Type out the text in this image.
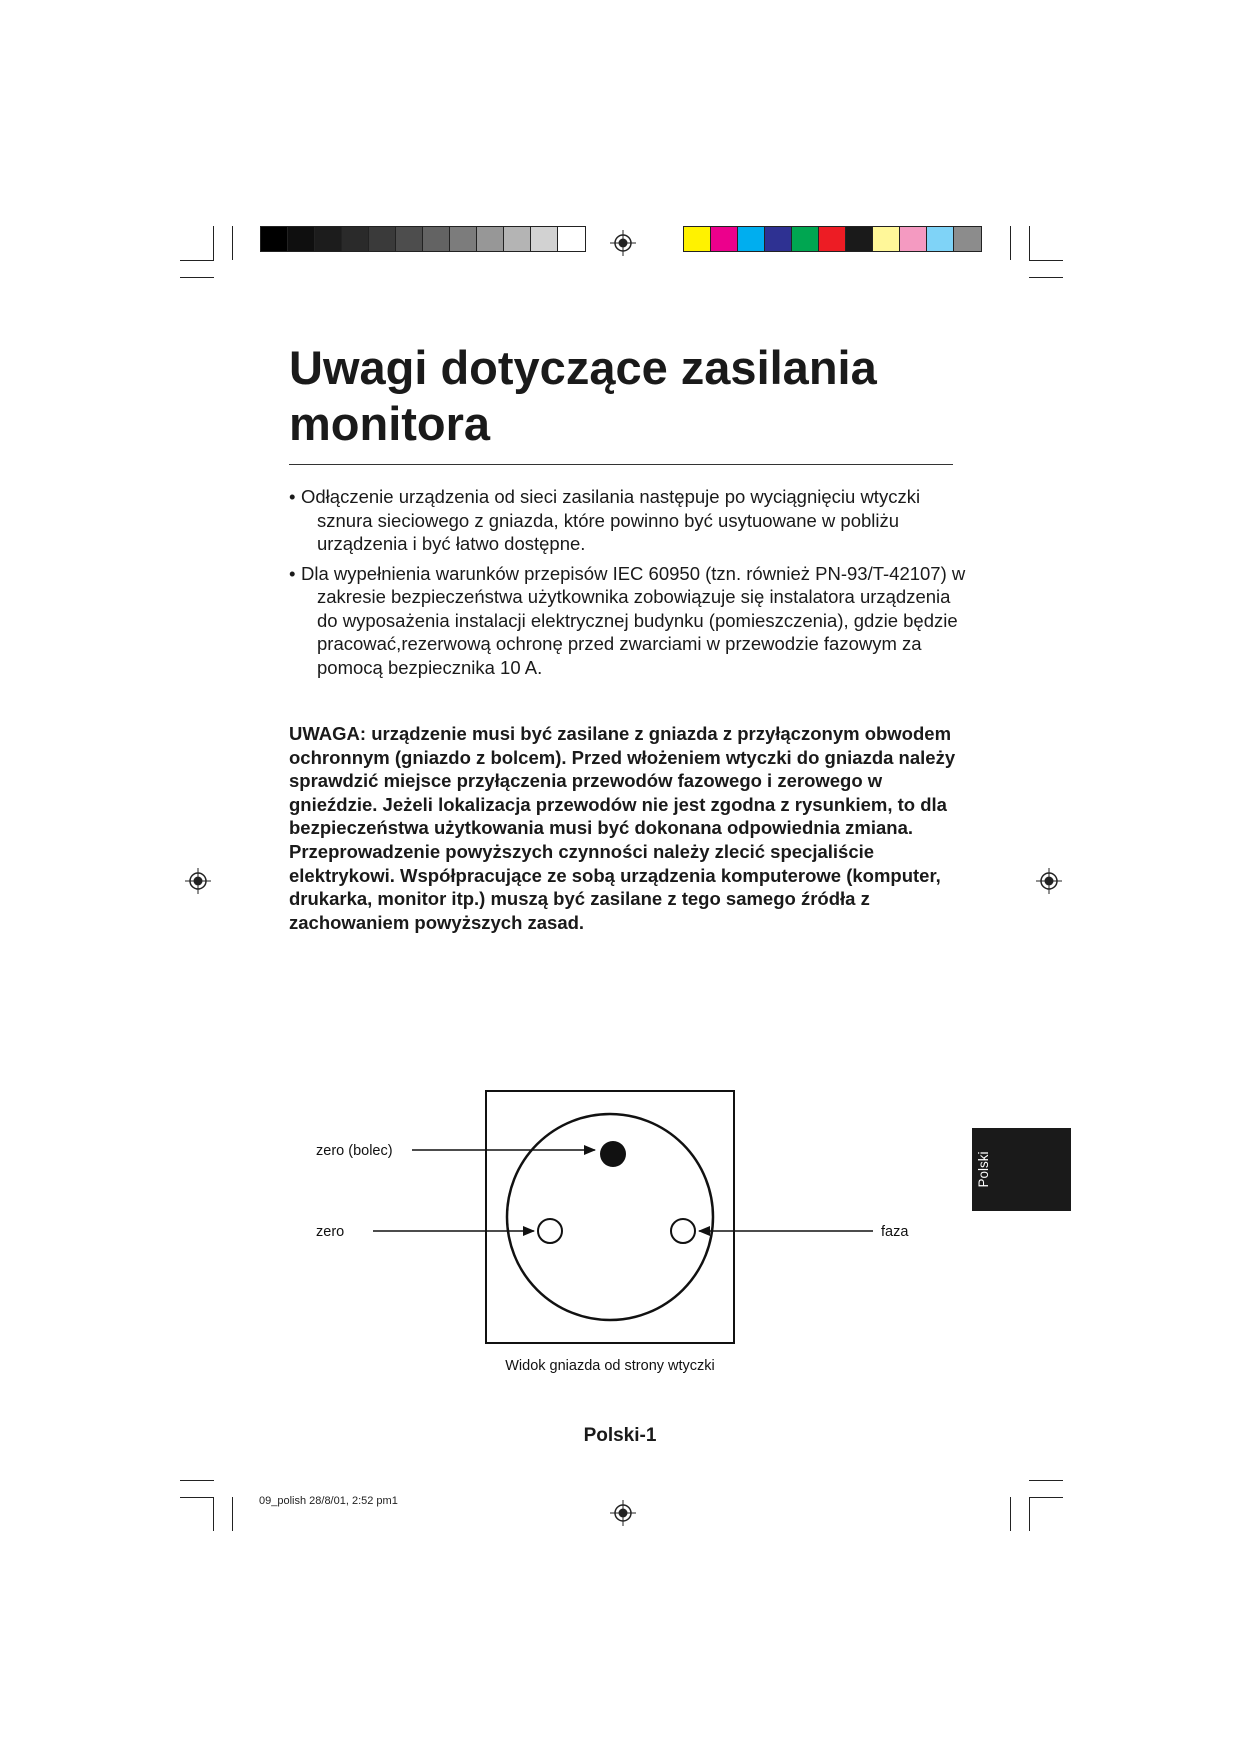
Uwagi dotyczące zasilania monitora
• Odłączenie urządzenia od sieci zasilania następuje po wyciągnięciu wtyczki sznura sieciowego z gniazda, które powinno być usytuowane w pobliżu urządzenia i być łatwo dostępne.
• Dla wypełnienia warunków przepisów IEC 60950 (tzn. również PN-93/T-42107) w zakresie bezpieczeństwa użytkownika zobowiązuje się instalatora urządzenia do wyposażenia instalacji elektrycznej budynku (pomieszczenia), gdzie będzie pracować,rezerwową ochronę przed zwarciami w przewodzie fazowym za pomocą bezpiecznika 10 A.

UWAGA: urządzenie musi być zasilane z gniazda z przyłączonym obwodem ochronnym (gniazdo z bolcem). Przed włożeniem wtyczki do gniazda należy sprawdzić miejsce przyłączenia przewodów fazowego i zerowego w gnieździe. Jeżeli lokalizacja przewodów nie jest zgodna z rysunkiem, to dla bezpieczeństwa użytkowania musi być dokonana odpowiednia zmiana. Przeprowadzenie powyższych czynności należy zlecić specjaliście elektrykowi. Współpracujące ze sobą urządzenia komputerowe (komputer, drukarka, monitor itp.) muszą być zasilane z tego samego źródła z zachowaniem powyższych zasad.

zero (bolec)
zero	faza
Widok gniazda od strony wtyczki
Polski
Polski-1
09_polish 28/8/01, 2:52 pm1
